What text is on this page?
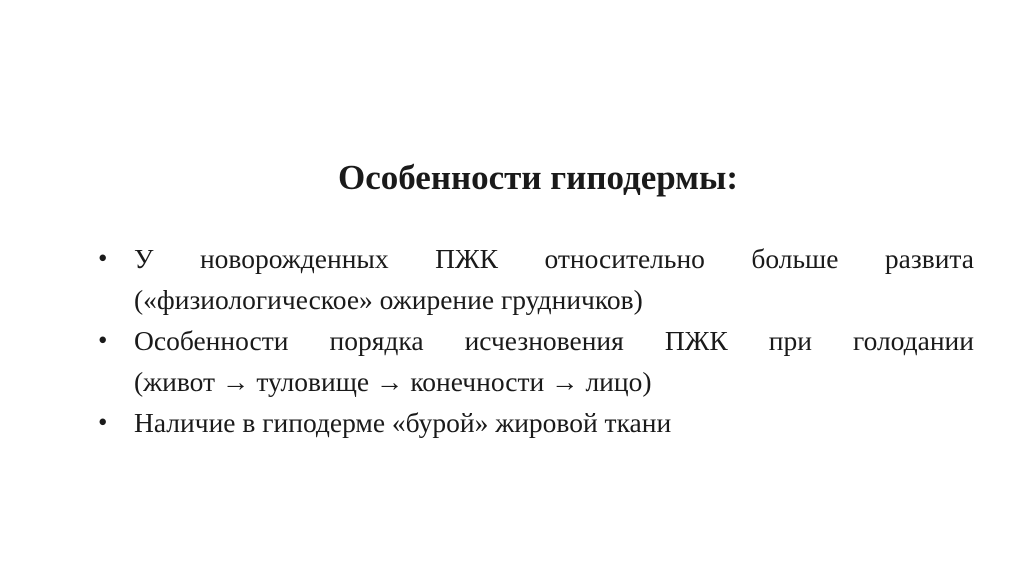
Особенности гиподермы:
• У новорожденных ПЖК относительно больше развита
(«физиологическое» ожирение грудничков)
• Особенности порядка исчезновения ПЖК при голодании
(живот → туловище → конечности → лицо)
• Наличие в гиподерме «бурой» жировой ткани
